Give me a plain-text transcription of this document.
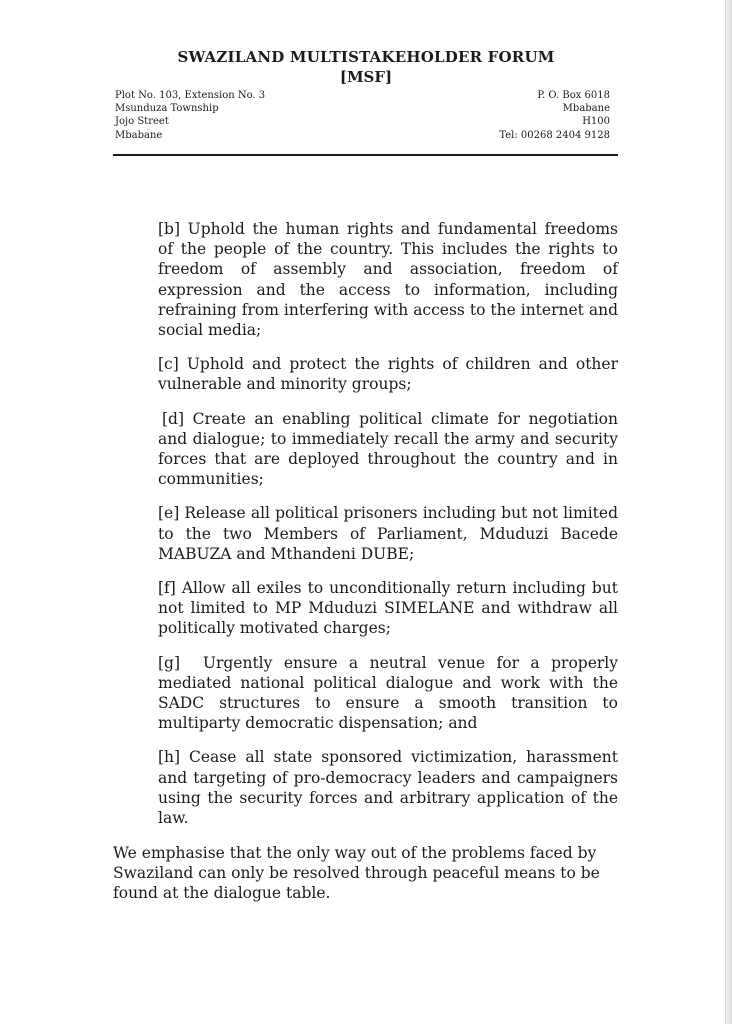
SWAZILAND MULTISTAKEHOLDER FORUM
[MSF]
Plot No. 103, Extension No. 3
Msunduza Township
Jojo Street
Mbabane
P. O. Box 6018
Mbabane
H100
Tel: 00268 2404 9128

[b] Uphold the human rights and fundamental freedoms of the people of the country. This includes the rights to freedom of assembly and association, freedom of expression and the access to information, including refraining from interfering with access to the internet and social media;

[c] Uphold and protect the rights of children and other vulnerable and minority groups;

[d] Create an enabling political climate for negotiation and dialogue; to immediately recall the army and security forces that are deployed throughout the country and in communities;

[e] Release all political prisoners including but not limited to the two Members of Parliament, Mduduzi Bacede MABUZA and Mthandeni DUBE;

[f] Allow all exiles to unconditionally return including but not limited to MP Mduduzi SIMELANE and withdraw all politically motivated charges;

[g]  Urgently ensure a neutral venue for a properly mediated national political dialogue and work with the SADC structures to ensure a smooth transition to multiparty democratic dispensation; and

[h] Cease all state sponsored victimization, harassment and targeting of pro-democracy leaders and campaigners using the security forces and arbitrary application of the law.

We emphasise that the only way out of the problems faced by Swaziland can only be resolved through peaceful means to be found at the dialogue table.
